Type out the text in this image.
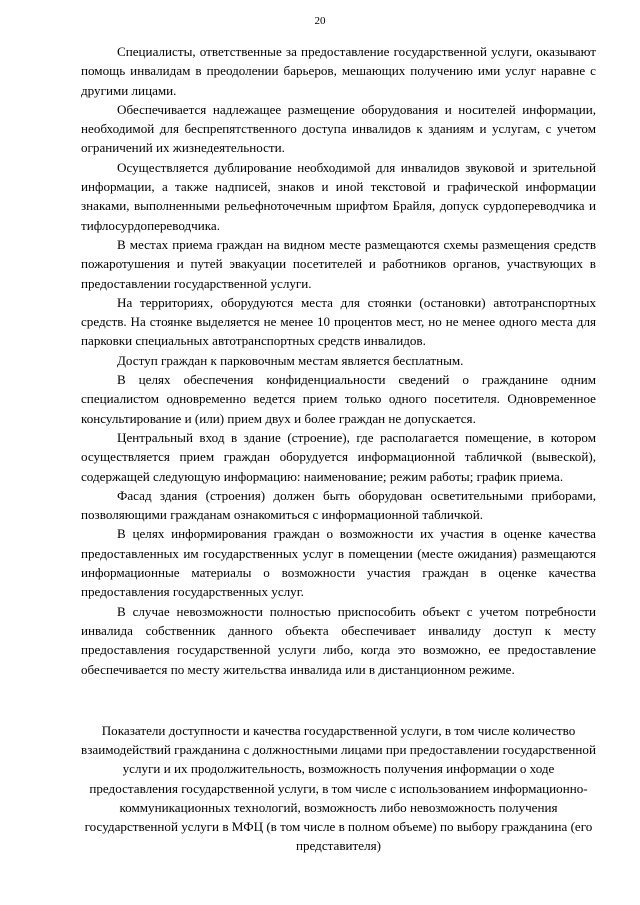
20

Специалисты, ответственные за предоставление государственной услуги, оказывают помощь инвалидам в преодолении барьеров, мешающих получению ими услуг наравне с другими лицами.

Обеспечивается надлежащее размещение оборудования и носителей информации, необходимой для беспрепятственного доступа инвалидов к зданиям и услугам, с учетом ограничений их жизнедеятельности.

Осуществляется дублирование необходимой для инвалидов звуковой и зрительной информации, а также надписей, знаков и иной текстовой и графической информации знаками, выполненными рельефноточечным шрифтом Брайля, допуск сурдопереводчика и тифлосурдопереводчика.

В местах приема граждан на видном месте размещаются схемы размещения средств пожаротушения и путей эвакуации посетителей и работников органов, участвующих в предоставлении государственной услуги.

На территориях, оборудуются места для стоянки (остановки) автотранспортных средств. На стоянке выделяется не менее 10 процентов мест, но не менее одного места для парковки специальных автотранспортных средств инвалидов.

Доступ граждан к парковочным местам является бесплатным.

В целях обеспечения конфиденциальности сведений о гражданине одним специалистом одновременно ведется прием только одного посетителя. Одновременное консультирование и (или) прием двух и более граждан не допускается.

Центральный вход в здание (строение), где располагается помещение, в котором осуществляется прием граждан оборудуется информационной табличкой (вывеской), содержащей следующую информацию: наименование; режим работы; график приема.

Фасад здания (строения) должен быть оборудован осветительными приборами, позволяющими гражданам ознакомиться с информационной табличкой.

В целях информирования граждан о возможности их участия в оценке качества предоставленных им государственных услуг в помещении (месте ожидания) размещаются информационные материалы о возможности участия граждан в оценке качества предоставления государственных услуг.

В случае невозможности полностью приспособить объект с учетом потребности инвалида собственник данного объекта обеспечивает инвалиду доступ к месту предоставления государственной услуги либо, когда это возможно, ее предоставление обеспечивается по месту жительства инвалида или в дистанционном режиме.

Показатели доступности и качества государственной услуги, в том числе количество взаимодействий гражданина с должностными лицами при предоставлении государственной услуги и их продолжительность, возможность получения информации о ходе предоставления государственной услуги, в том числе с использованием информационно-коммуникационных технологий, возможность либо невозможность получения государственной услуги в МФЦ (в том числе в полном объеме) по выбору гражданина (его представителя)
